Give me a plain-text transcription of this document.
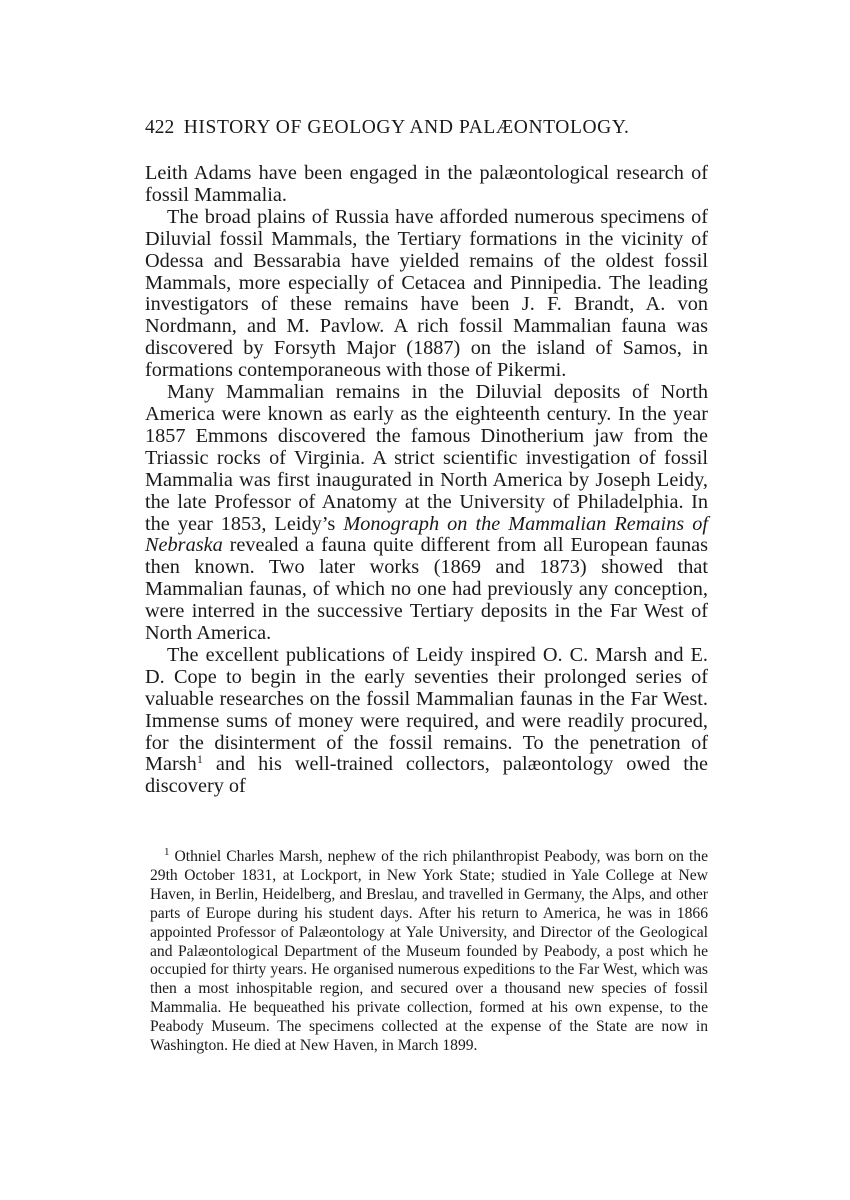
422 HISTORY OF GEOLOGY AND PALÆONTOLOGY.

Leith Adams have been engaged in the palæontological research of fossil Mammalia.

The broad plains of Russia have afforded numerous specimens of Diluvial fossil Mammals, the Tertiary formations in the vicinity of Odessa and Bessarabia have yielded remains of the oldest fossil Mammals, more especially of Cetacea and Pinnipedia. The leading investigators of these remains have been J. F. Brandt, A. von Nordmann, and M. Pavlow. A rich fossil Mammalian fauna was discovered by Forsyth Major (1887) on the island of Samos, in formations contemporaneous with those of Pikermi.

Many Mammalian remains in the Diluvial deposits of North America were known as early as the eighteenth century. In the year 1857 Emmons discovered the famous Dinotherium jaw from the Triassic rocks of Virginia. A strict scientific investigation of fossil Mammalia was first inaugurated in North America by Joseph Leidy, the late Professor of Anatomy at the University of Philadelphia. In the year 1853, Leidy’s Monograph on the Mammalian Remains of Nebraska revealed a fauna quite different from all European faunas then known. Two later works (1869 and 1873) showed that Mammalian faunas, of which no one had previously any conception, were interred in the successive Tertiary deposits in the Far West of North America.

The excellent publications of Leidy inspired O. C. Marsh and E. D. Cope to begin in the early seventies their prolonged series of valuable researches on the fossil Mammalian faunas in the Far West. Immense sums of money were required, and were readily procured, for the disinterment of the fossil remains. To the penetration of Marsh$^1$ and his well-trained collectors, palæontology owed the discovery of

$^1$ Othniel Charles Marsh, nephew of the rich philanthropist Peabody, was born on the 29th October 1831, at Lockport, in New York State; studied in Yale College at New Haven, in Berlin, Heidelberg, and Breslau, and travelled in Germany, the Alps, and other parts of Europe during his student days. After his return to America, he was in 1866 appointed Professor of Palæontology at Yale University, and Director of the Geological and Palæontological Department of the Museum founded by Peabody, a post which he occupied for thirty years. He organised numerous expeditions to the Far West, which was then a most inhospitable region, and secured over a thousand new species of fossil Mammalia. He bequeathed his private collection, formed at his own expense, to the Peabody Museum. The specimens collected at the expense of the State are now in Washington. He died at New Haven, in March 1899.
